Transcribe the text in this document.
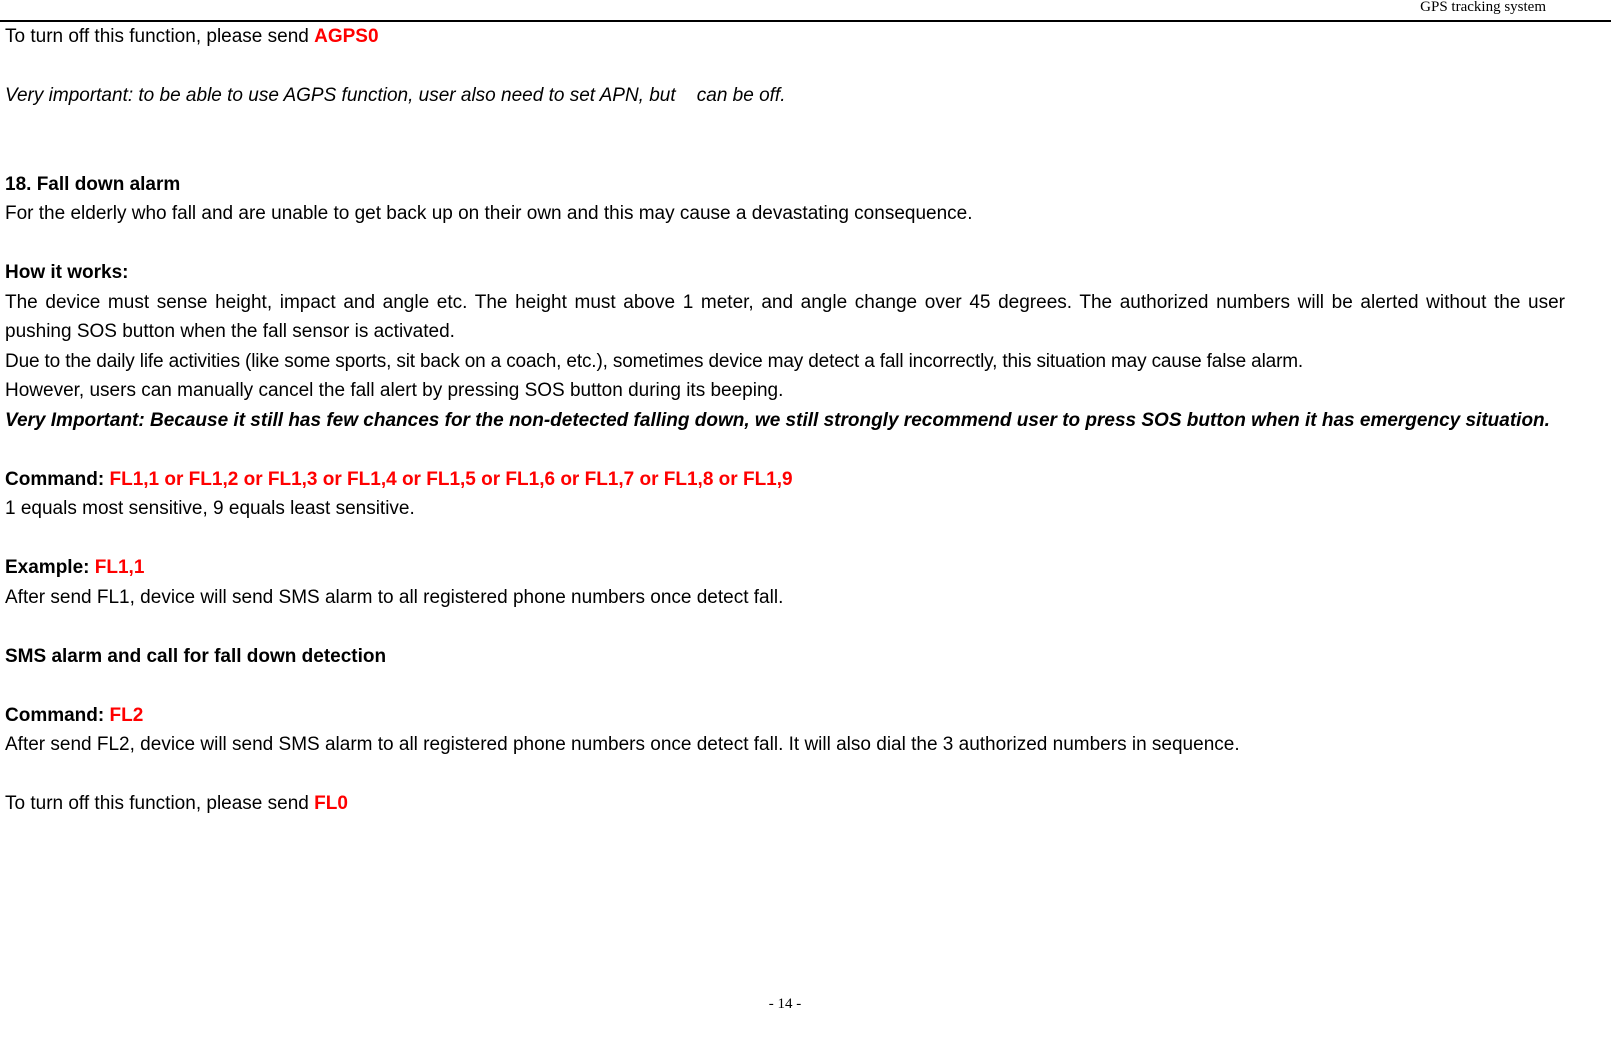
GPS tracking system

To turn off this function, please send AGPS0

Very important: to be able to use AGPS function, user also need to set APN, but    can be off.

18. Fall down alarm

For the elderly who fall and are unable to get back up on their own and this may cause a devastating consequence.

How it works:

The device must sense height, impact and angle etc. The height must above 1 meter, and angle change over 45 degrees. The authorized numbers will be alerted without the user pushing SOS button when the fall sensor is activated.

Due to the daily life activities (like some sports, sit back on a coach, etc.), sometimes device may detect a fall incorrectly, this situation may cause false alarm.

However, users can manually cancel the fall alert by pressing SOS button during its beeping.

Very Important: Because it still has few chances for the non-detected falling down, we still strongly recommend user to press SOS button when it has emergency situation.

Command: FL1,1 or FL1,2 or FL1,3 or FL1,4 or FL1,5 or FL1,6 or FL1,7 or FL1,8 or FL1,9

1 equals most sensitive, 9 equals least sensitive.

Example: FL1,1

After send FL1, device will send SMS alarm to all registered phone numbers once detect fall.

SMS alarm and call for fall down detection

Command: FL2

After send FL2, device will send SMS alarm to all registered phone numbers once detect fall. It will also dial the 3 authorized numbers in sequence.

To turn off this function, please send FL0

- 14 -
